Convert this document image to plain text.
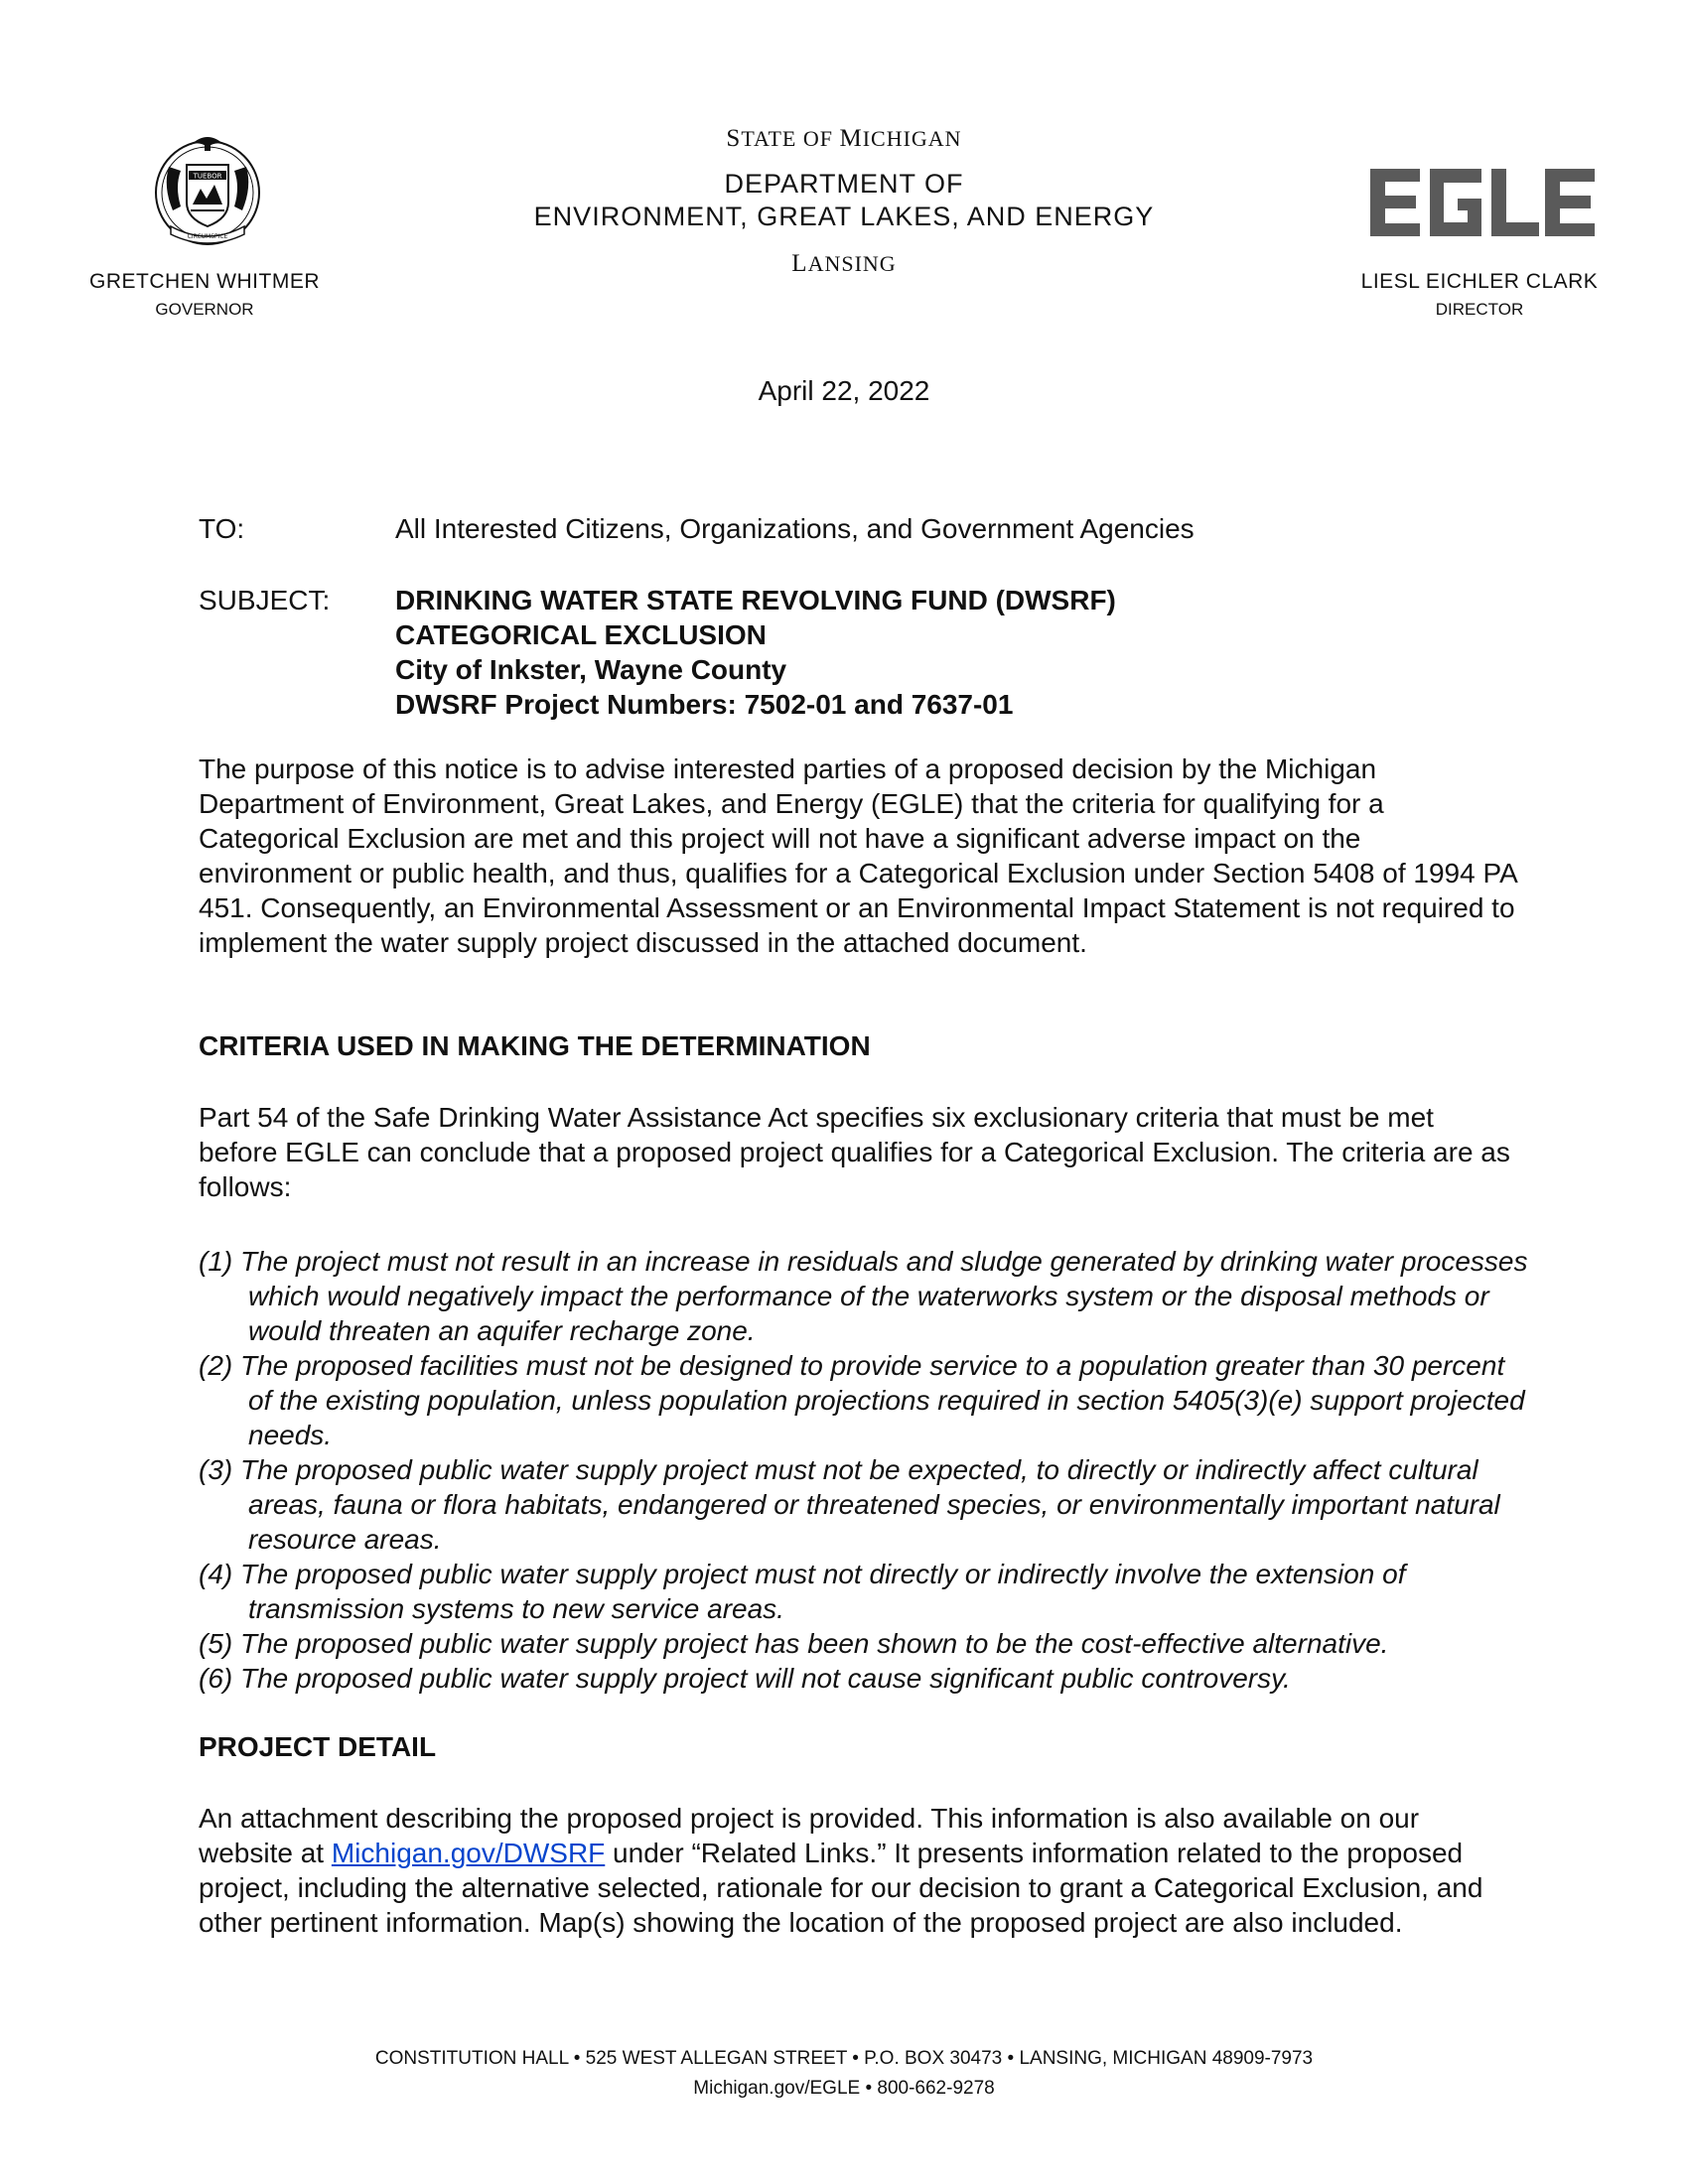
TUEBOR
CIRCUMSPICE
GRETCHEN WHITMER
GOVERNOR
STATE OF MICHIGAN
DEPARTMENT OF
ENVIRONMENT, GREAT LAKES, AND ENERGY
LANSING
LIESL EICHLER CLARK
DIRECTOR
April 22, 2022
TO:	All Interested Citizens, Organizations, and Government Agencies
SUBJECT: DRINKING WATER STATE REVOLVING FUND (DWSRF)
CATEGORICAL EXCLUSION
City of Inkster, Wayne County
DWSRF Project Numbers: 7502-01 and 7637-01

The purpose of this notice is to advise interested parties of a proposed decision by the Michigan Department of Environment, Great Lakes, and Energy (EGLE) that the criteria for qualifying for a Categorical Exclusion are met and this project will not have a significant adverse impact on the environment or public health, and thus, qualifies for a Categorical Exclusion under Section 5408 of 1994 PA 451. Consequently, an Environmental Assessment or an Environmental Impact Statement is not required to implement the water supply project discussed in the attached document.

CRITERIA USED IN MAKING THE DETERMINATION

Part 54 of the Safe Drinking Water Assistance Act specifies six exclusionary criteria that must be met before EGLE can conclude that a proposed project qualifies for a Categorical Exclusion. The criteria are as follows:

(1) The project must not result in an increase in residuals and sludge generated by drinking water processes which would negatively impact the performance of the waterworks system or the disposal methods or would threaten an aquifer recharge zone.
(2) The proposed facilities must not be designed to provide service to a population greater than 30 percent of the existing population, unless population projections required in section 5405(3)(e) support projected needs.
(3) The proposed public water supply project must not be expected, to directly or indirectly affect cultural areas, fauna or flora habitats, endangered or threatened species, or environmentally important natural resource areas.
(4) The proposed public water supply project must not directly or indirectly involve the extension of transmission systems to new service areas.
(5) The proposed public water supply project has been shown to be the cost-effective alternative.
(6) The proposed public water supply project will not cause significant public controversy.
PROJECT DETAIL

An attachment describing the proposed project is provided. This information is also available on our website at Michigan.gov/DWSRF under “Related Links.” It presents information related to the proposed project, including the alternative selected, rationale for our decision to grant a Categorical Exclusion, and other pertinent information. Map(s) showing the location of the proposed project are also included.

CONSTITUTION HALL • 525 WEST ALLEGAN STREET • P.O. BOX 30473 • LANSING, MICHIGAN 48909-7973
Michigan.gov/EGLE • 800-662-9278
